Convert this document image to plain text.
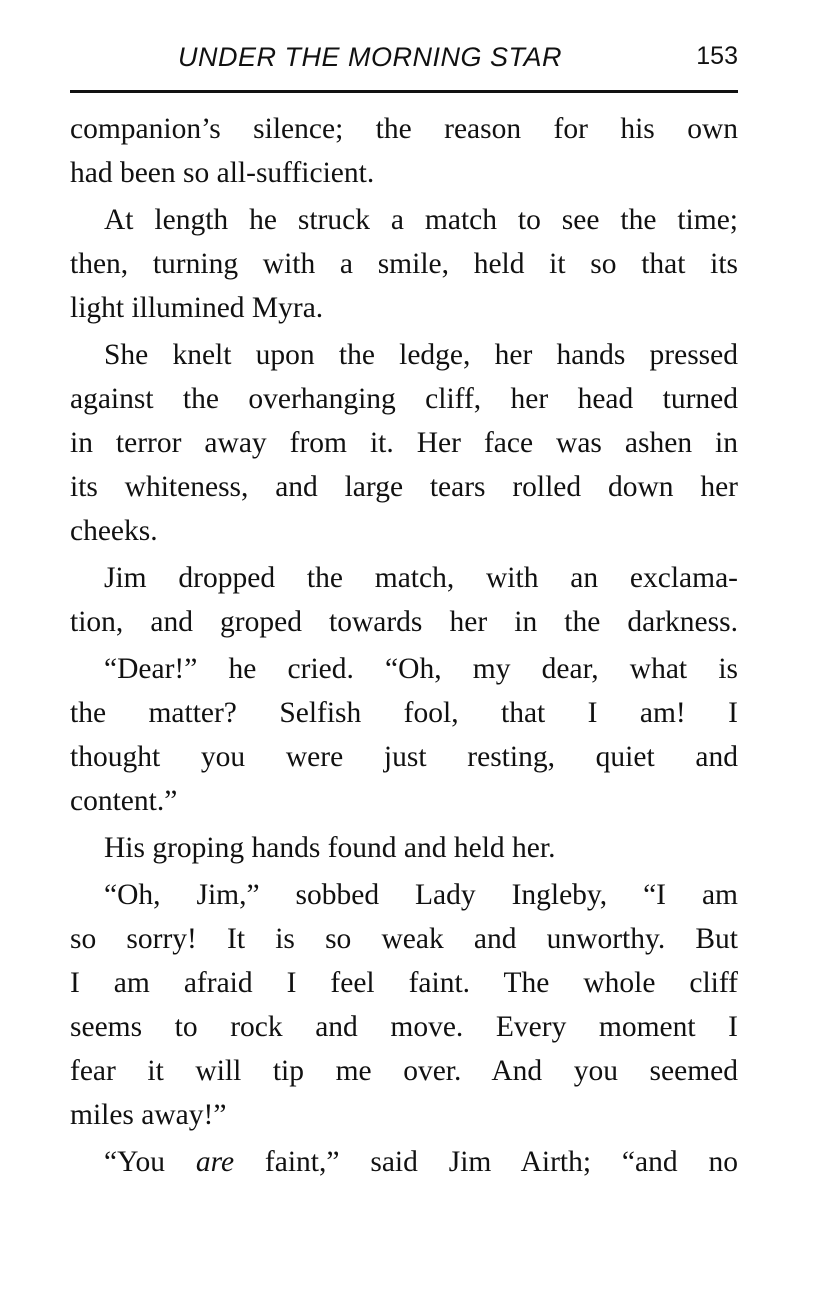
UNDER THE MORNING STAR	153
companion’s silence; the reason for his own
had been so all-sufficient.
At length he struck a match to see the time;
then, turning with a smile, held it so that its
light illumined Myra.
She knelt upon the ledge, her hands pressed
against the overhanging cliff, her head turned
in terror away from it. Her face was ashen in
its whiteness, and large tears rolled down her
cheeks.
Jim dropped the match, with an exclama-
tion, and groped towards her in the darkness.
“Dear!” he cried. “Oh, my dear, what is
the matter? Selfish fool, that I am! I
thought you were just resting, quiet and
content.”
His groping hands found and held her.
“Oh, Jim,” sobbed Lady Ingleby, “I am
so sorry! It is so weak and unworthy. But
I am afraid I feel faint. The whole cliff
seems to rock and move. Every moment I
fear it will tip me over. And you seemed
miles away!”
“You are faint,” said Jim Airth; “and no
